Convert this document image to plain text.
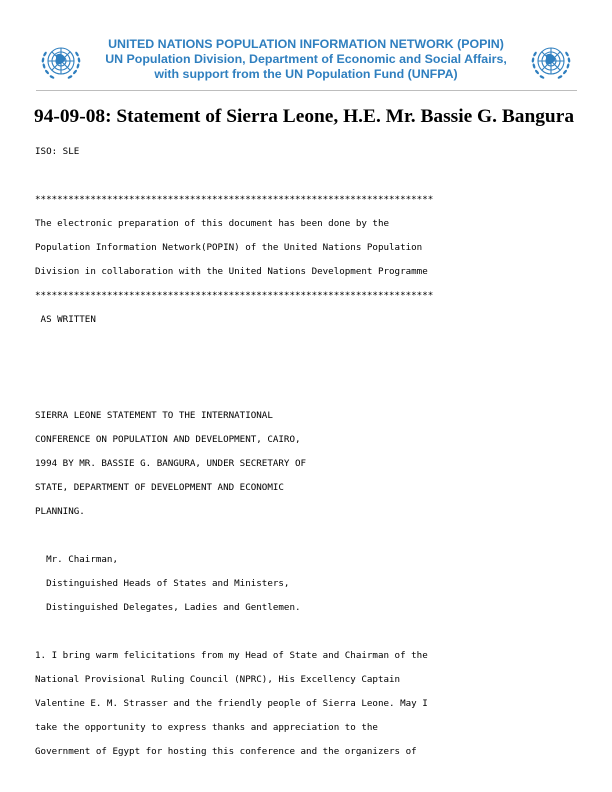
UNITED NATIONS POPULATION INFORMATION NETWORK (POPIN)
UN Population Division, Department of Economic and Social Affairs,
with support from the UN Population Fund (UNFPA)
94-09-08: Statement of Sierra Leone, H.E. Mr. Bassie G. Bangura
ISO: SLE
************************************************************************
The electronic preparation of this document has been done by the
Population Information Network(POPIN) of the United Nations Population
Division in collaboration with the United Nations Development Programme
************************************************************************
AS WRITTEN
SIERRA LEONE STATEMENT TO THE INTERNATIONAL
CONFERENCE ON POPULATION AND DEVELOPMENT, CAIRO,
1994 BY MR. BASSIE G. BANGURA, UNDER SECRETARY OF
STATE, DEPARTMENT OF DEVELOPMENT AND ECONOMIC
PLANNING.
Mr. Chairman,
Distinguished Heads of States and Ministers,
Distinguished Delegates, Ladies and Gentlemen.
1. I bring warm felicitations from my Head of State and Chairman of the
National Provisional Ruling Council (NPRC), His Excellency Captain
Valentine E. M. Strasser and the friendly people of Sierra Leone. May I
take the opportunity to express thanks and appreciation to the
Government of Egypt for hosting this conference and the organizers of
